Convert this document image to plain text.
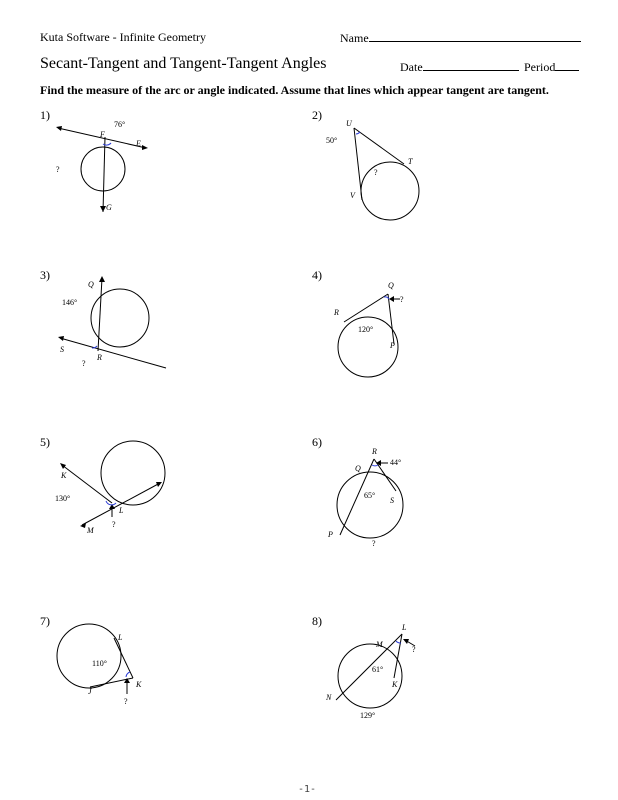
Kuta Software - Infinite Geometry	Name
Secant-Tangent and Tangent-Tangent Angles	Date	Period
Find the measure of the arc or angle indicated. Assume that lines which appear tangent are tangent.
1)
76°
?
F
E
G
2)
50°
?
U
T
V
3)
146°
?
Q
S
R
4)
?
120°
Q
R
P
5)
130°
?
K
L
M
6)
44°
65°
?
R
Q
S
P
7)
110°
?
L
K
J
8)
?
61°
129°
L
M
K
N
-1-
